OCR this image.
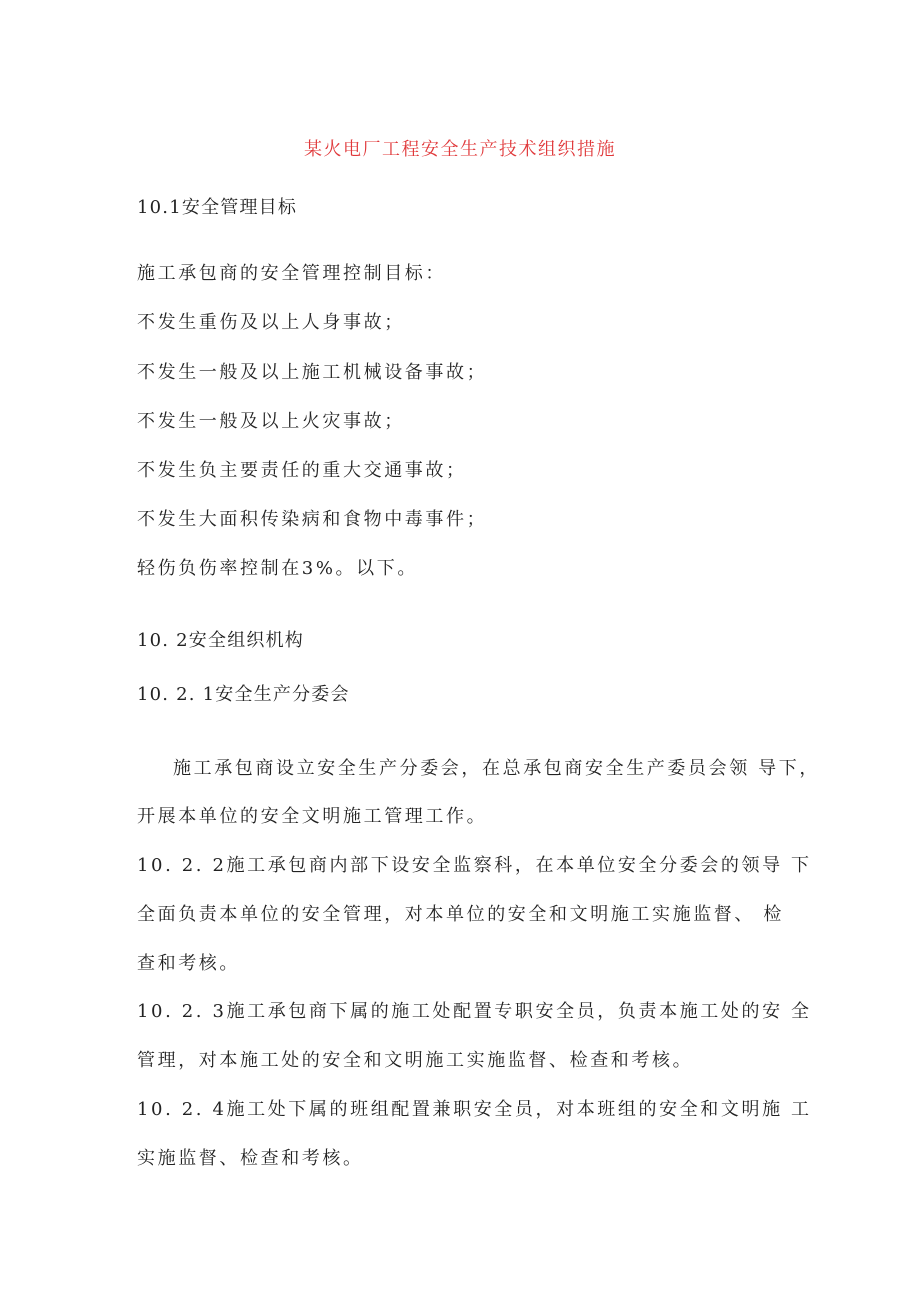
某火电厂工程安全生产技术组织措施
10.1安全管理目标
施工承包商的安全管理控制目标：
不发生重伤及以上人身事故；
不发生一般及以上施工机械设备事故；
不发生一般及以上火灾事故；
不发生负主要责任的重大交通事故；
不发生大面积传染病和食物中毒事件；
轻伤负伤率控制在3%。以下。
10. 2安全组织机构
10. 2. 1安全生产分委会
施工承包商设立安全生产分委会，在总承包商安全生产委员会领 导下，
开展本单位的安全文明施工管理工作。
10. 2. 2施工承包商内部下设安全监察科，在本单位安全分委会的领导 下
全面负责本单位的安全管理，对本单位的安全和文明施工实施监督、 检
查和考核。
10. 2. 3施工承包商下属的施工处配置专职安全员，负责本施工处的安 全
管理，对本施工处的安全和文明施工实施监督、检查和考核。
10. 2. 4施工处下属的班组配置兼职安全员，对本班组的安全和文明施 工
实施监督、检查和考核。
